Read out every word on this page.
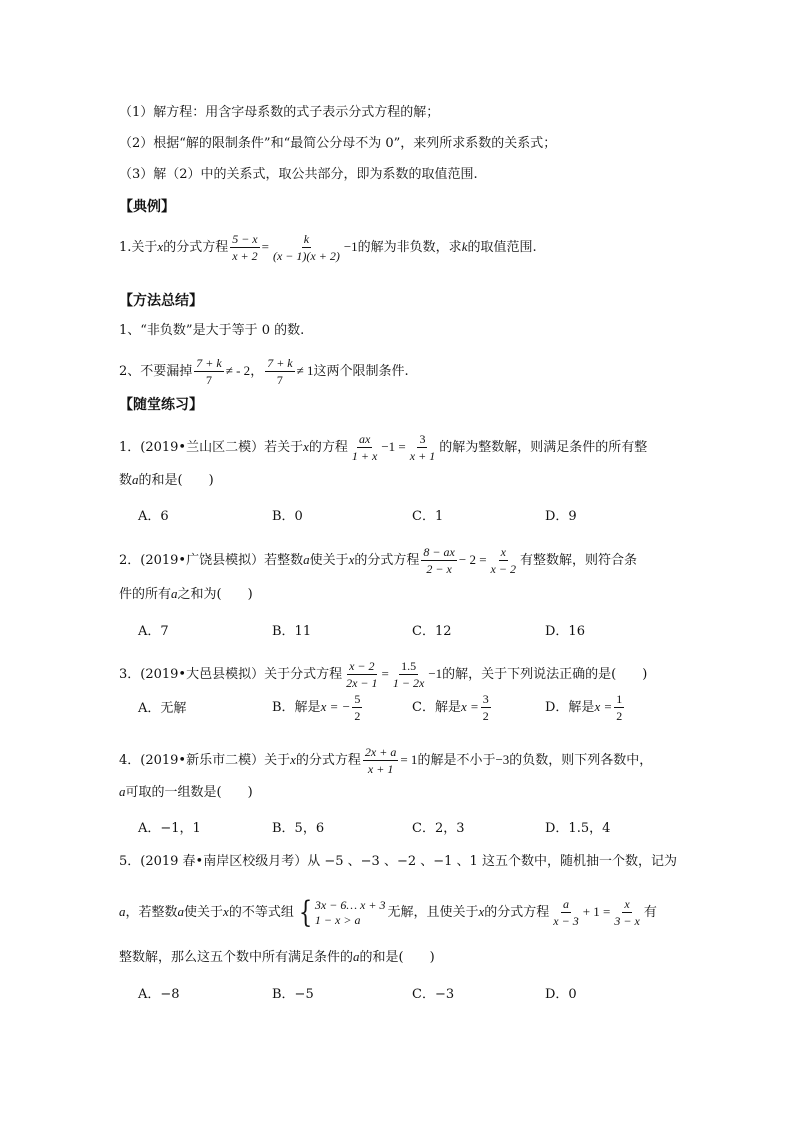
（1）解方程：用含字母系数的式子表示分式方程的解；
（2）根据“解的限制条件”和“最简公分母不为 0”，来列所求系数的关系式；
（3）解（2）中的关系式，取公共部分，即为系数的取值范围.
【典例】
1.关于x的分式方程 $\frac{5 - x}{x + 2} = \frac{k}{(x - 1)(x + 2)} -1$的解为非负数，求k的取值范围.
【方法总结】
1、“非负数”是大于等于 0 的数.
2、不要漏掉 $\frac{7 + k}{7}$ ≠ - 2， $\frac{7 + k}{7} \ne 1$这两个限制条件.
【随堂练习】
1．(2019•兰山区二模）若关于x的方程 $\frac{ax}{1 + x} -1 = \frac{3}{x + 1}$ 的解为整数解，则满足条件的所有整
数a的和是(　　)
A．6	B．0	C．1	D．9
2．(2019•广饶县模拟）若整数a使关于x的分式方程 $\frac{8 - ax}{2 - x} - 2 = \frac{x}{x - 2}$ 有整数解，则符合条
件的所有a之和为(　　)
A．7	B．11	C．12	D．16
3．(2019•大邑县模拟）关于分式方程 $\frac{x - 2}{2x - 1} = \frac{1.5}{1 - 2x} -1$的解，关于下列说法正确的是(　　)
A．无解	B．解是x = − $\frac{5}{2}$	C．解是$x = \frac{3}{2}$	D．解是$x = \frac{1}{2}$
4．(2019•新乐市二模）关于x的分式方程 $\frac{2x + a}{x + 1} = 1$的解是不小于−3的负数，则下列各数中，
a可取的一组数是(　　)
A．−1，1	B．5，6	C．2，3	D．1.5，4
5．(2019 春•南岸区校级月考）从 −5 、−3 、−2 、−1 、1 这五个数中，随机抽一个数，记为
a，若整数a使关于x的不等式组 { 3x − 6… x + 3
1 − x > a	无解，且使关于x的分式方程 $\frac{a}{x - 3} + 1 = \frac{x}{3 - x}$ 有
整数解，那么这五个数中所有满足条件的a的和是(　　)
A．−8	B．−5	C．−3	D．0
